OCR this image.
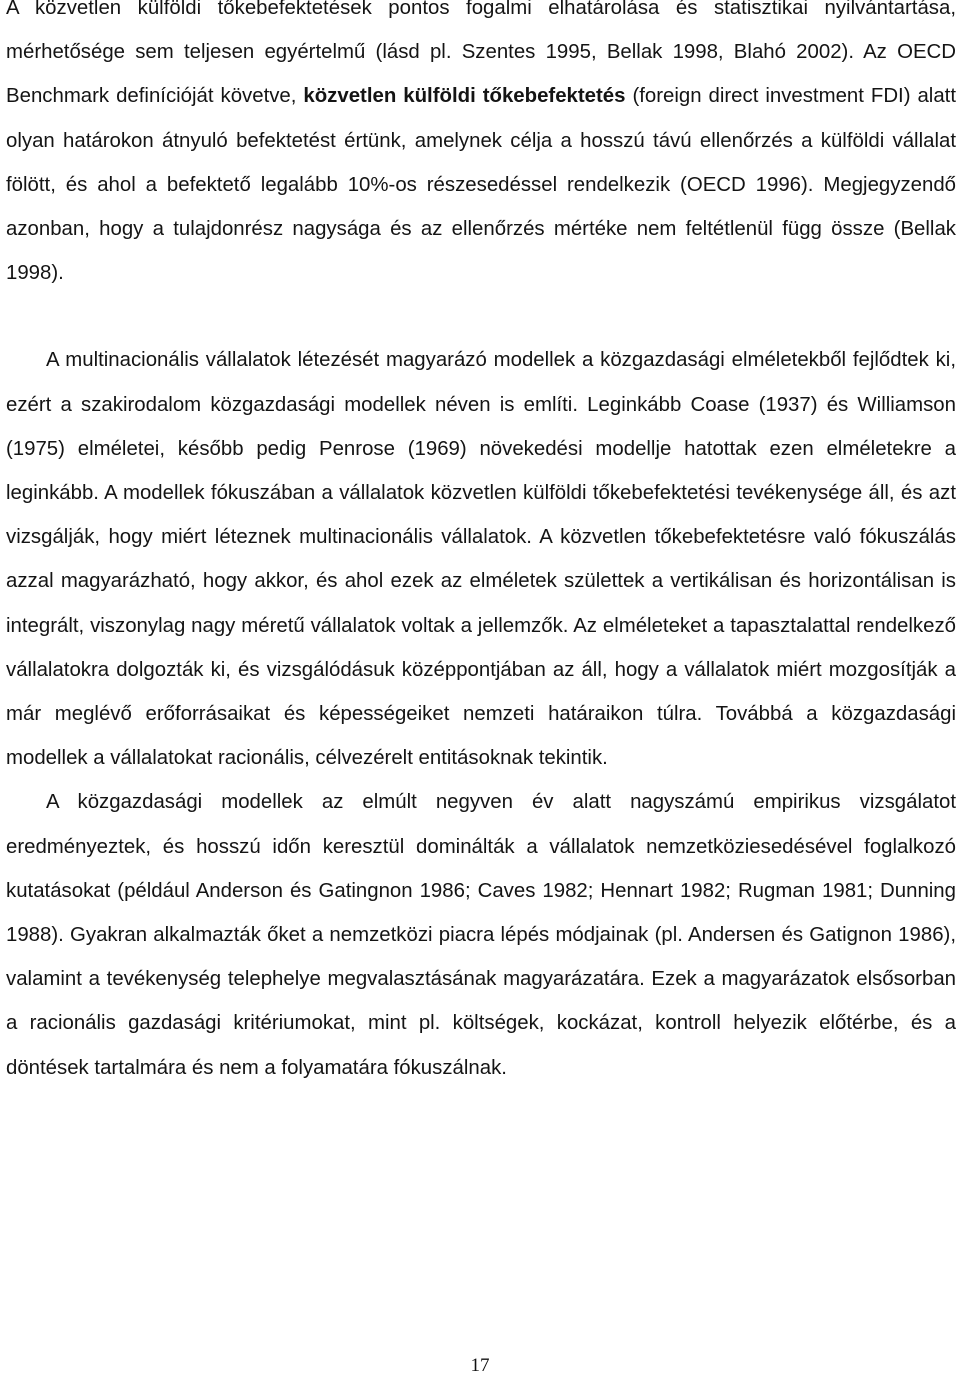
A közvetlen külföldi tőkebefektetések pontos fogalmi elhatárolása és statisztikai nyilvántartása, mérhetősége sem teljesen egyértelmű (lásd pl. Szentes 1995, Bellak 1998, Blahó 2002). Az OECD Benchmark definícióját követve, közvetlen külföldi tőkebefektetés (foreign direct investment FDI) alatt olyan határokon átnyuló befektetést értünk, amelynek célja a hosszú távú ellenőrzés a külföldi vállalat fölött, és ahol a befektető legalább 10%-os részesedéssel rendelkezik (OECD 1996). Megjegyzendő azonban, hogy a tulajdonrész nagysága és az ellenőrzés mértéke nem feltétlenül függ össze (Bellak 1998).

A multinacionális vállalatok létezését magyarázó modellek a közgazdasági elméletekből fejlődtek ki, ezért a szakirodalom közgazdasági modellek néven is említi. Leginkább Coase (1937) és Williamson (1975) elméletei, később pedig Penrose (1969) növekedési modellje hatottak ezen elméletekre a leginkább. A modellek fókuszában a vállalatok közvetlen külföldi tőkebefektetési tevékenysége áll, és azt vizsgálják, hogy miért léteznek multinacionális vállalatok. A közvetlen tőkebefektetésre való fókuszálás azzal magyarázható, hogy akkor, és ahol ezek az elméletek születtek a vertikálisan és horizontálisan is integrált, viszonylag nagy méretű vállalatok voltak a jellemzők. Az elméleteket a tapasztalattal rendelkező vállalatokra dolgozták ki, és vizsgálódásuk középpontjában az áll, hogy a vállalatok miért mozgosítják a már meglévő erőforrásaikat és képességeiket nemzeti határaikon túlra. Továbbá a közgazdasági modellek a vállalatokat racionális, célvezérelt entitásoknak tekintik.

A közgazdasági modellek az elmúlt negyven év alatt nagyszámú empirikus vizsgálatot eredményeztek, és hosszú időn keresztül dominálták a vállalatok nemzetköziesedésével foglalkozó kutatásokat (például Anderson és Gatingnon 1986; Caves 1982; Hennart 1982; Rugman 1981; Dunning 1988). Gyakran alkalmazták őket a nemzetközi piacra lépés módjainak (pl. Andersen és Gatignon 1986), valamint a tevékenység telephelye megvalasztásának magyarázatára. Ezek a magyarázatok elsősorban a racionális gazdasági kritériumokat, mint pl. költségek, kockázat, kontroll helyezik előtérbe, és a döntések tartalmára és nem a folyamatára fókuszálnak.

17
